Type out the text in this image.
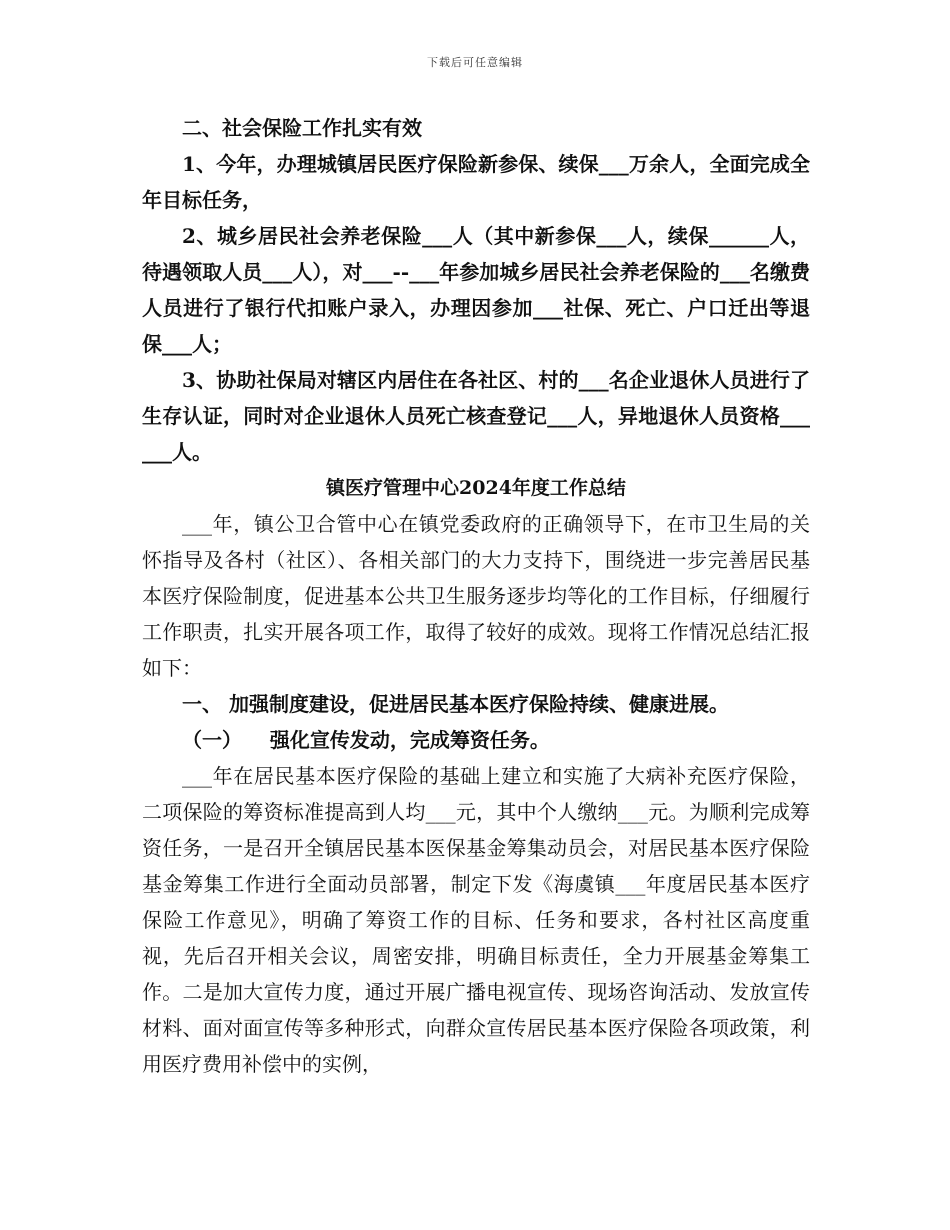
下载后可任意编辑

二、社会保险工作扎实有效

1、今年，办理城镇居民医疗保险新参保、续保___万余人，全面完成全年目标任务，

2、城乡居民社会养老保险___人（其中新参保___人，续保______人，待遇领取人员___人），对___--___年参加城乡居民社会养老保险的___名缴费人员进行了银行代扣账户录入，办理因参加___社保、死亡、户口迁出等退保___人；

3、协助社保局对辖区内居住在各社区、村的___名企业退休人员进行了生存认证，同时对企业退休人员死亡核查登记___人，异地退休人员资格______人。

镇医疗管理中心2024年度工作总结

___年，镇公卫合管中心在镇党委政府的正确领导下，在市卫生局的关怀指导及各村（社区）、各相关部门的大力支持下，围绕进一步完善居民基本医疗保险制度，促进基本公共卫生服务逐步均等化的工作目标，仔细履行工作职责，扎实开展各项工作，取得了较好的成效。现将工作情况总结汇报如下：

一、 加强制度建设，促进居民基本医疗保险持续、健康进展。

（一）    强化宣传发动，完成筹资任务。

___年在居民基本医疗保险的基础上建立和实施了大病补充医疗保险，二项保险的筹资标准提高到人均___元，其中个人缴纳___元。为顺利完成筹资任务，一是召开全镇居民基本医保基金筹集动员会，对居民基本医疗保险基金筹集工作进行全面动员部署，制定下发《海虞镇___年度居民基本医疗保险工作意见》，明确了筹资工作的目标、任务和要求，各村社区高度重视，先后召开相关会议，周密安排，明确目标责任，全力开展基金筹集工作。二是加大宣传力度，通过开展广播电视宣传、现场咨询活动、发放宣传材料、面对面宣传等多种形式，向群众宣传居民基本医疗保险各项政策，利用医疗费用补偿中的实例，
